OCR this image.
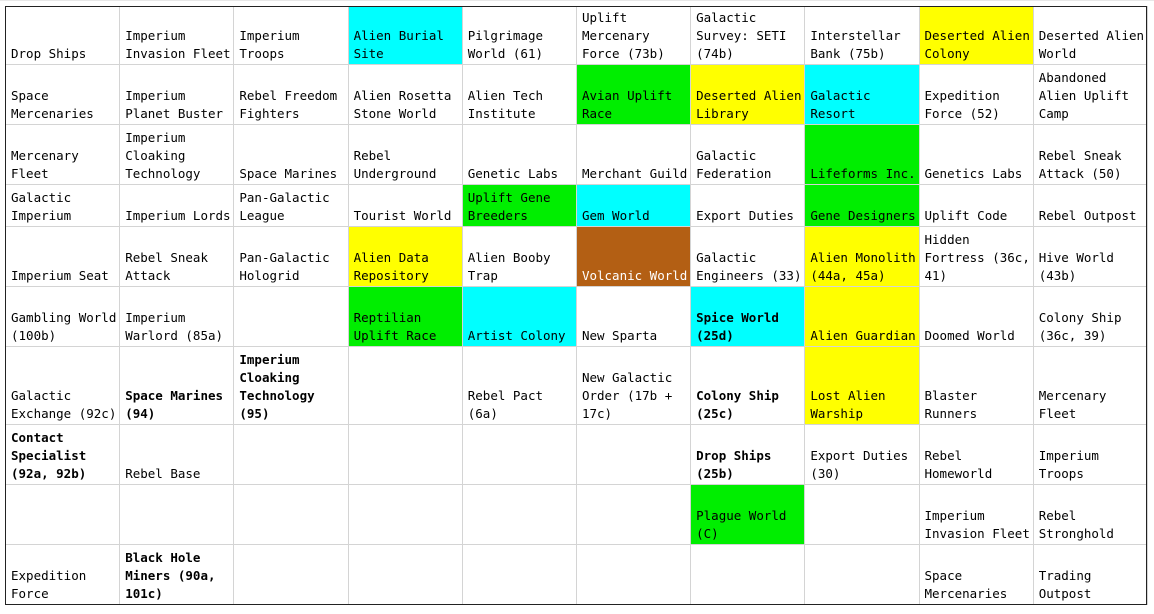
Drop Ships	Imperium Invasion Fleet	Imperium Troops	Alien Burial Site	Pilgrimage World (61)	Uplift Mercenary Force (73b)	Galactic Survey: SETI (74b)	Interstellar Bank (75b)	Deserted Alien Colony	Deserted Alien World
Space Mercenaries	Imperium Planet Buster	Rebel Freedom Fighters	Alien Rosetta Stone World	Alien Tech Institute	Avian Uplift Race	Deserted Alien Library	Galactic Resort	Expedition Force (52)	Abandoned Alien Uplift Camp
Mercenary Fleet	Imperium Cloaking Technology	Space Marines	Rebel Underground	Genetic Labs	Merchant Guild	Galactic Federation	Lifeforms Inc.	Genetics Labs	Rebel Sneak Attack (50)
Galactic Imperium	Imperium Lords	Pan-Galactic League	Tourist World	Uplift Gene Breeders	Gem World	Export Duties	Gene Designers	Uplift Code	Rebel Outpost
Imperium Seat	Rebel Sneak Attack	Pan-Galactic Hologrid	Alien Data Repository	Alien Booby Trap	Volcanic World	Galactic Engineers (33)	Alien Monolith (44a, 45a)	Hidden Fortress (36c, 41)	Hive World (43b)
Gambling World (100b)	Imperium Warlord (85a)		Reptilian Uplift Race	Artist Colony	New Sparta	Spice World (25d)	Alien Guardian	Doomed World	Colony Ship (36c, 39)
Galactic Exchange (92c)	Space Marines (94)	Imperium Cloaking Technology (95)		Rebel Pact (6a)	New Galactic Order (17b + 17c)	Colony Ship (25c)	Lost Alien Warship	Blaster Runners	Mercenary Fleet
Contact Specialist (92a, 92b)	Rebel Base					Drop Ships (25b)	Export Duties (30)	Rebel Homeworld	Imperium Troops
						Plague World (C)		Imperium Invasion Fleet	Rebel Stronghold
Expedition Force	Black Hole Miners (90a, 101c)							Space Mercenaries	Trading Outpost
